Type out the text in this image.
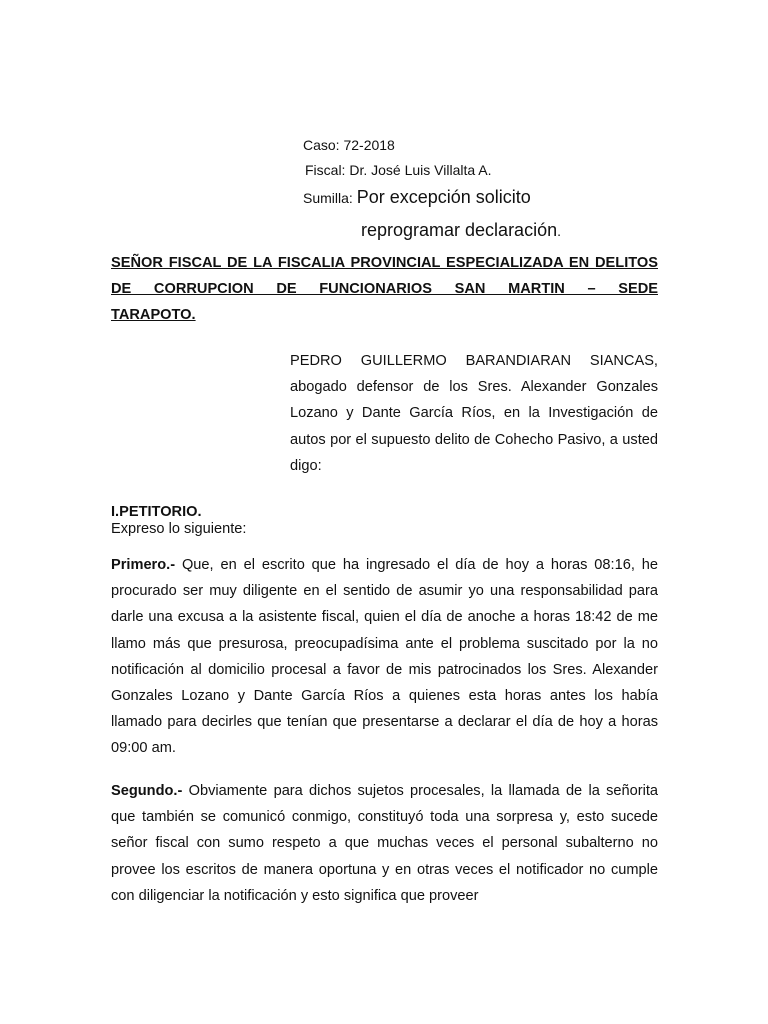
Caso: 72-2018
Fiscal: Dr. José Luis Villalta A.
Sumilla: Por excepción solicito
reprogramar declaración.
SEÑOR FISCAL DE LA FISCALIA PROVINCIAL ESPECIALIZADA EN DELITOS DE CORRUPCION DE FUNCIONARIOS SAN MARTIN – SEDE
TARAPOTO.
PEDRO GUILLERMO BARANDIARAN SIANCAS, abogado defensor de los Sres. Alexander Gonzales Lozano y Dante García Ríos, en la Investigación de autos por el supuesto delito de Cohecho Pasivo, a usted digo:
I.PETITORIO.
Expreso lo siguiente:
Primero.- Que, en el escrito que ha ingresado el día de hoy a horas 08:16, he procurado ser muy diligente en el sentido de asumir yo una responsabilidad para darle una excusa a la asistente fiscal, quien el día de anoche a horas 18:42 de me llamo más que presurosa, preocupadísima ante el problema suscitado por la no notificación al domicilio procesal a favor de mis patrocinados los Sres. Alexander Gonzales Lozano y Dante García Ríos a quienes esta horas antes los había llamado para decirles que tenían que presentarse a declarar el día de hoy a horas 09:00 am.
Segundo.- Obviamente para dichos sujetos procesales, la llamada de la señorita que también se comunicó conmigo, constituyó toda una sorpresa y, esto sucede señor fiscal con sumo respeto a que muchas veces el personal subalterno no provee los escritos de manera oportuna y en otras veces el notificador no cumple con diligenciar la notificación y esto significa que proveer
